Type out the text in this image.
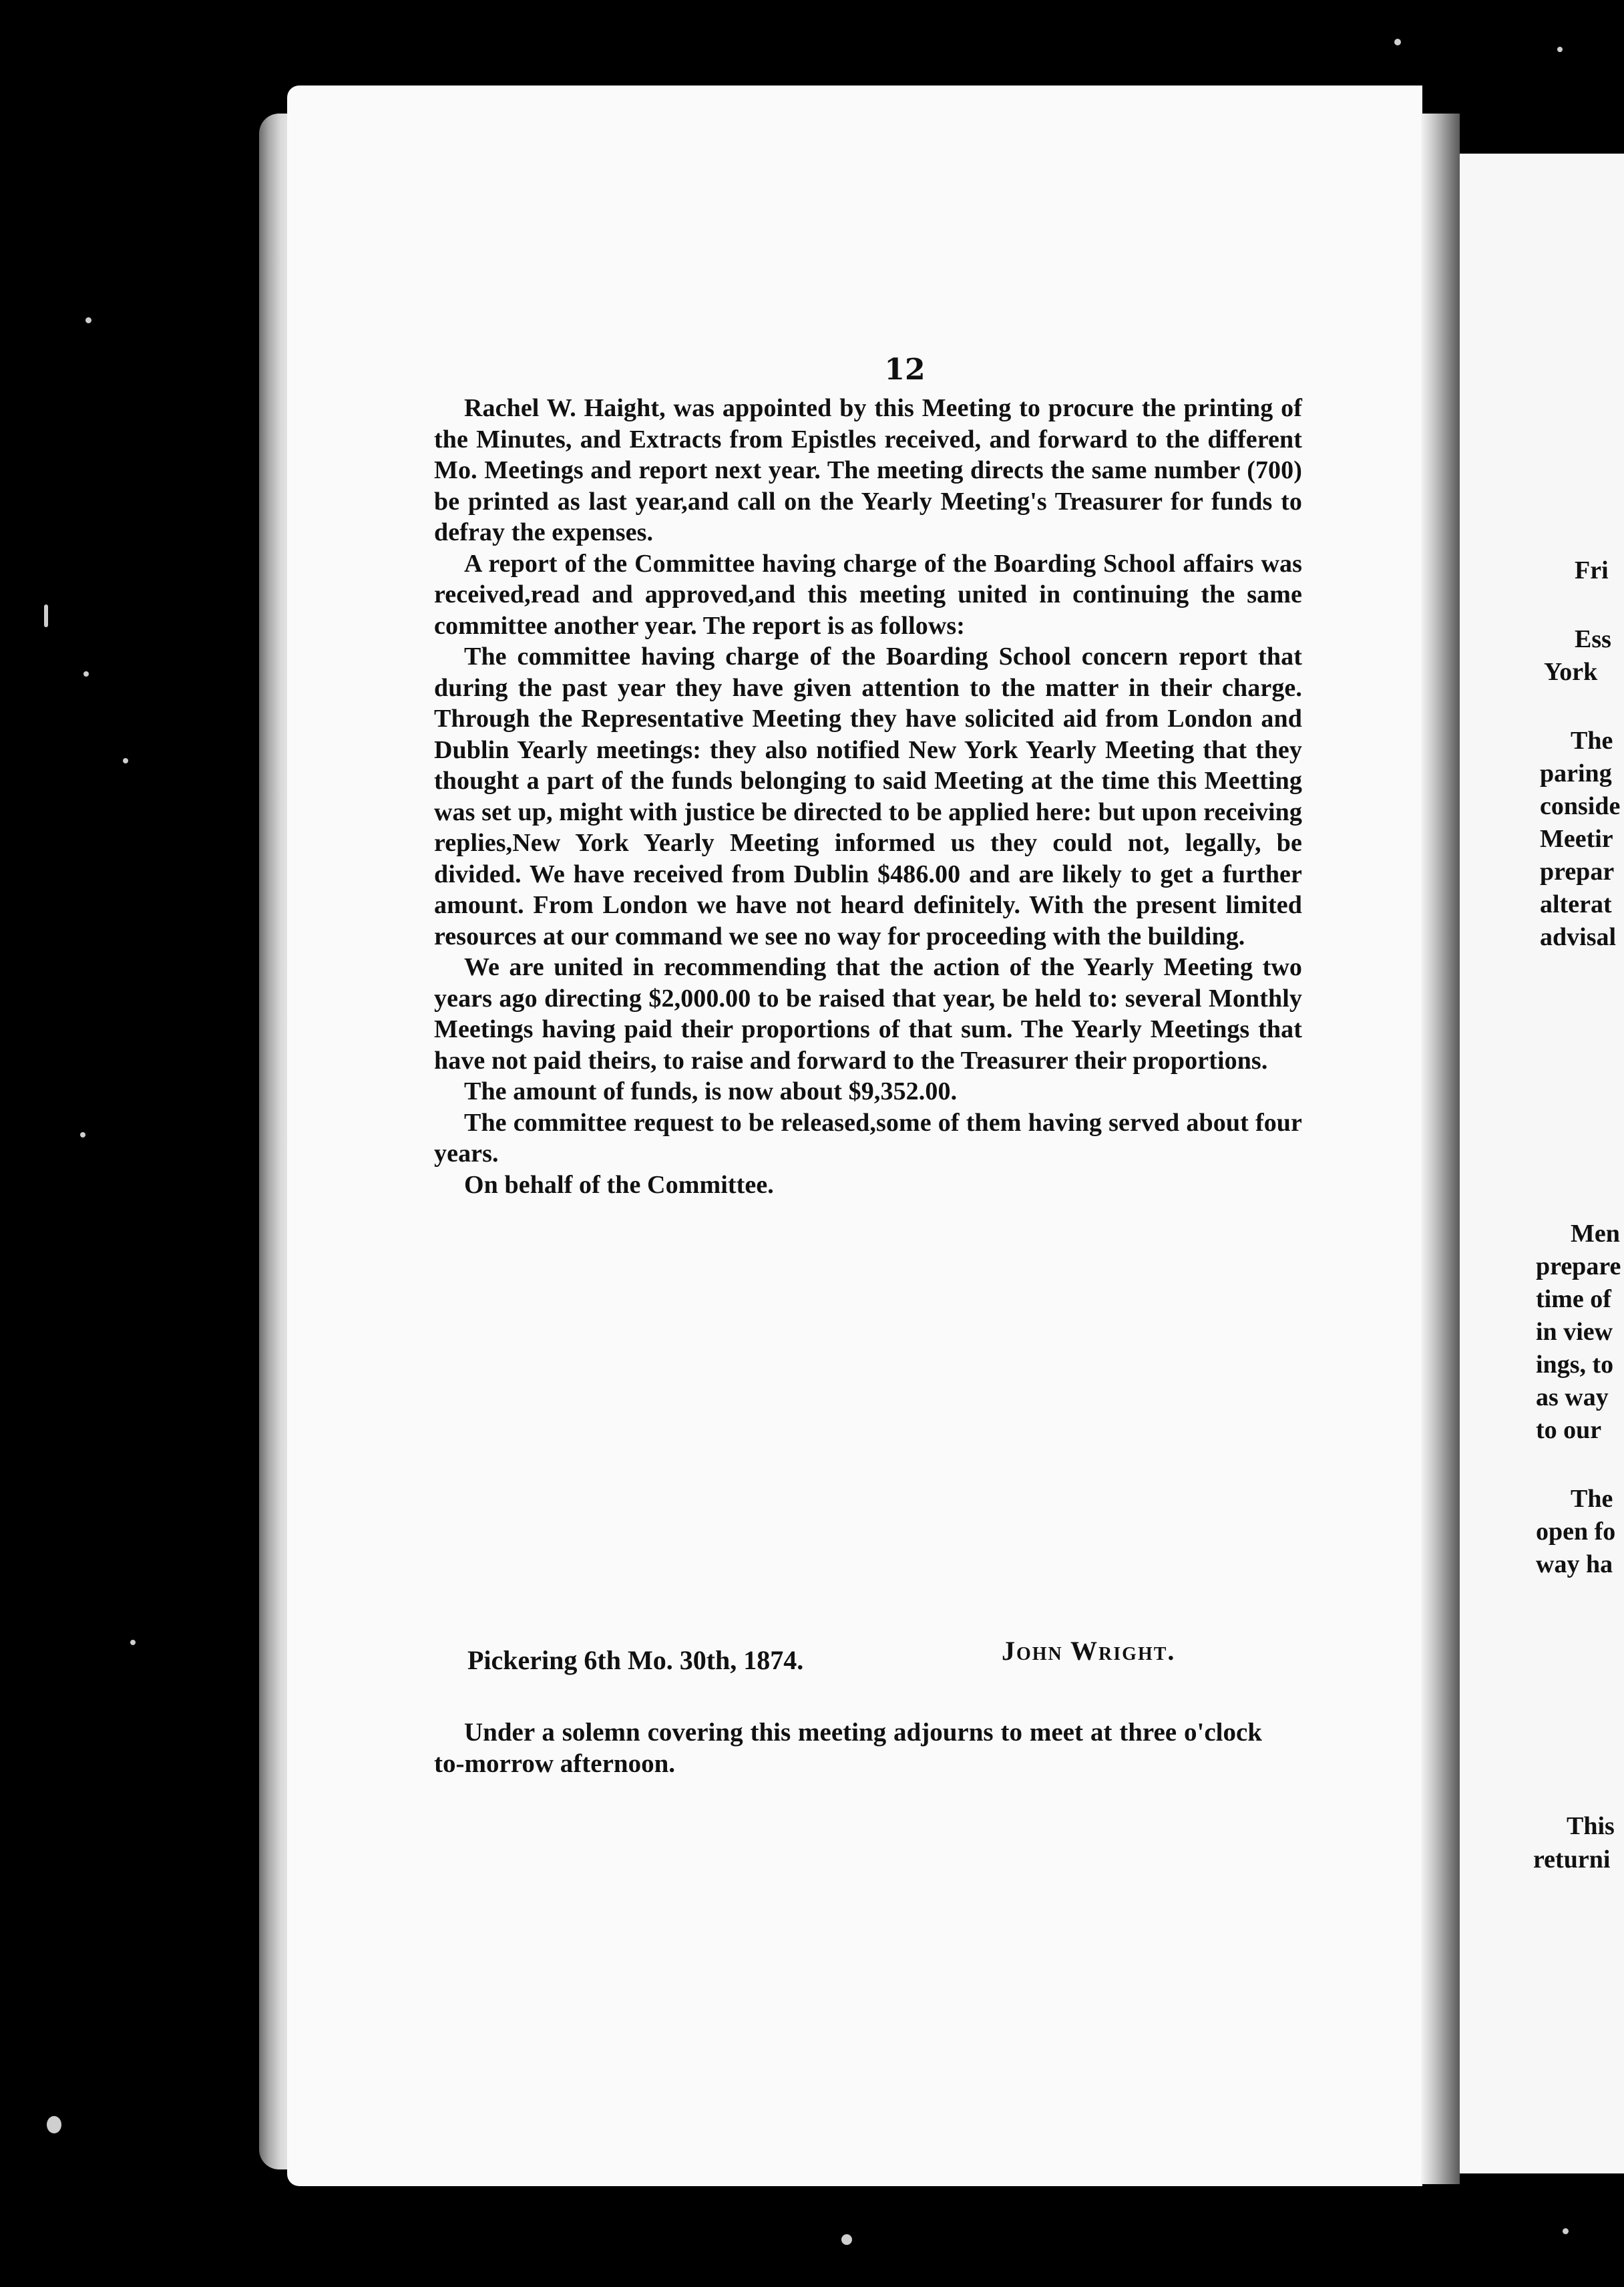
12

Rachel W. Haight, was appointed by this Meeting to procure the printing of the Minutes, and Extracts from Epistles received, and forward to the different Mo. Meetings and report next year. The meeting directs the same number (700) be printed as last year,and call on the Yearly Meeting's Treasurer for funds to defray the expenses.

A report of the Committee having charge of the Boarding School affairs was received,read and approved,and this meeting united in continuing the same committee another year. The report is as follows:

The committee having charge of the Boarding School concern report that during the past year they have given attention to the matter in their charge. Through the Representative Meeting they have solicited aid from London and Dublin Yearly meetings: they also notified New York Yearly Meeting that they thought a part of the funds belonging to said Meeting at the time this Meetting was set up, might with justice be directed to be applied here: but upon receiving replies,New York Yearly Meeting informed us they could not, legally, be divided. We have received from Dublin $486.00 and are likely to get a further amount. From London we have not heard definitely. With the present limited resources at our command we see no way for proceeding with the building.

We are united in recommending that the action of the Yearly Meeting two years ago directing $2,000.00 to be raised that year, be held to: several Monthly Meetings having paid their proportions of that sum. The Yearly Meetings that have not paid theirs, to raise and forward to the Treasurer their proportions.

The amount of funds, is now about $9,352.00.

The committee request to be released,some of them having served about four years.

On behalf of the Committee.

Pickering 6th Mo. 30th, 1874.	John Wright.
Under a solemn covering this meeting adjourns to meet at three o'clock to-morrow afternoon.
Fri
Ess
York
The
paring
conside
Meetir
prepar
alterat
advisal
Men
prepare
time of
in view
ings, to
as way
to our
The
open fo
way ha
This
returni
